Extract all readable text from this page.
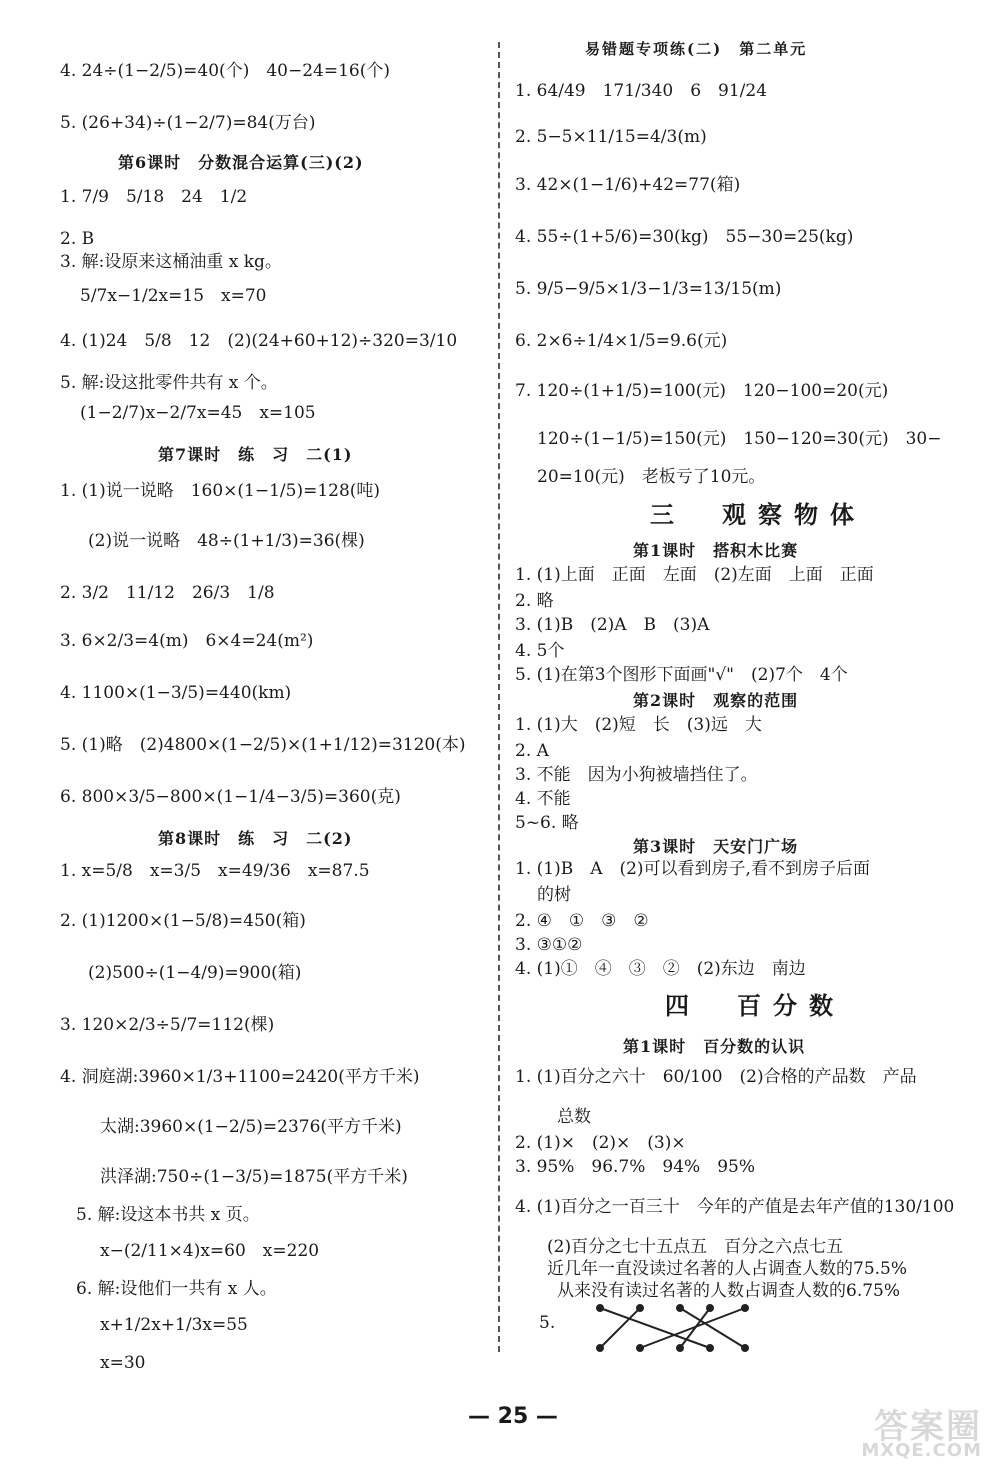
4. 24÷(1−2/5)=40(个)　40−24=16(个)
5. (26+34)÷(1−2/7)=84(万台)
第6课时　分数混合运算(三)(2)
1. 7/9　5/18　24　1/2
2. B
3. 解:设原来这桶油重 x kg。
5/7x−1/2x=15　x=70
4. (1)24　5/8　12　(2)(24+60+12)÷320=3/10
5. 解:设这批零件共有 x 个。
(1−2/7)x−2/7x=45　x=105
第7课时　练　习　二(1)
1. (1)说一说略　160×(1−1/5)=128(吨)
(2)说一说略　48÷(1+1/3)=36(棵)
2. 3/2　11/12　26/3　1/8
3. 6×2/3=4(m)　6×4=24(m²)
4. 1100×(1−3/5)=440(km)
5. (1)略　(2)4800×(1−2/5)×(1+1/12)=3120(本)
6. 800×3/5−800×(1−1/4−3/5)=360(克)
第8课时　练　习　二(2)
1. x=5/8　x=3/5　x=49/36　x=87.5
2. (1)1200×(1−5/8)=450(箱)
(2)500÷(1−4/9)=900(箱)
3. 120×2/3÷5/7=112(棵)
4. 洞庭湖:3960×1/3+1100=2420(平方千米)
太湖:3960×(1−2/5)=2376(平方千米)
洪泽湖:750÷(1−3/5)=1875(平方千米)
5. 解:设这本书共 x 页。
x−(2/11×4)x=60　x=220
6. 解:设他们一共有 x 人。
x+1/2x+1/3x=55
x=30
易错题专项练(二)　第二单元
1. 64/49　171/340　6　91/24
2. 5−5×11/15=4/3(m)
3. 42×(1−1/6)+42=77(箱)
4. 55÷(1+5/6)=30(kg)　55−30=25(kg)
5. 9/5−9/5×1/3−1/3=13/15(m)
6. 2×6÷1/4×1/5=9.6(元)
7. 120÷(1+1/5)=100(元)　120−100=20(元)
120÷(1−1/5)=150(元)　150−120=30(元)　30−
20=10(元)　老板亏了10元。
三　观察物体
第1课时　搭积木比赛
1. (1)上面　正面　左面　(2)左面　上面　正面
2. 略
3. (1)B　(2)A　B　(3)A
4. 5个
5. (1)在第3个图形下面画"√"　(2)7个　4个
第2课时　观察的范围
1. (1)大　(2)短　长　(3)远　大
2. A
3. 不能　因为小狗被墙挡住了。
4. 不能
5~6. 略
第3课时　天安门广场
1. (1)B　A　(2)可以看到房子,看不到房子后面
的树
2. ④　①　③　②
3. ③①②
4. (1)①　④　③　②　(2)东边　南边
四　百分数
第1课时　百分数的认识
1. (1)百分之六十　60/100　(2)合格的产品数　产品
总数
2. (1)×　(2)×　(3)×
3. 95%　96.7%　94%　95%
4. (1)百分之一百三十　今年的产值是去年产值的130/100
(2)百分之七十五点五　百分之六点七五
近几年一直没读过名著的人占调查人数的75.5%
从来没有读过名著的人数占调查人数的6.75%
5.
— 25 —	答案圈
MXQE.COM
